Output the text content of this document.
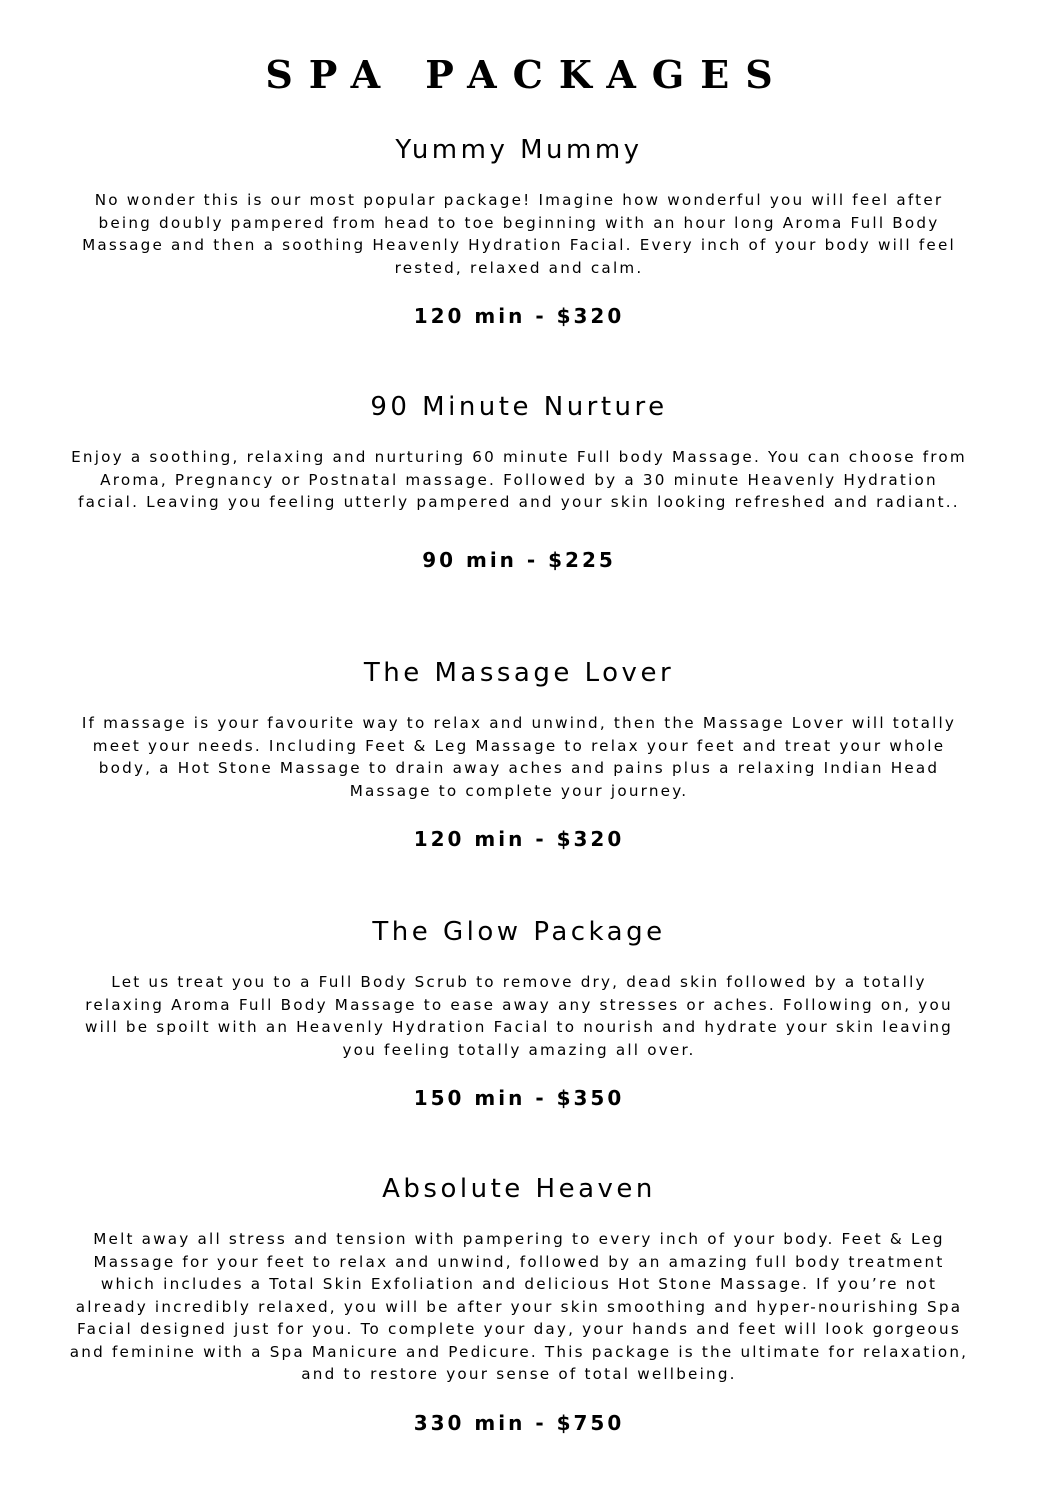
SPA PACKAGES
Yummy Mummy

No wonder this is our most popular package! Imagine how wonderful you will feel after being doubly pampered from head to toe beginning with an hour long Aroma Full Body Massage and then a soothing Heavenly Hydration Facial. Every inch of your body will feel rested, relaxed and calm.

120 min - $320
90 Minute Nurture

Enjoy a soothing, relaxing and nurturing 60 minute Full body Massage. You can choose from Aroma, Pregnancy or Postnatal massage. Followed by a 30 minute Heavenly Hydration facial. Leaving you feeling utterly pampered and your skin looking refreshed and radiant..

90 min - $225
The Massage Lover

If massage is your favourite way to relax and unwind, then the Massage Lover will totally meet your needs. Including Feet & Leg Massage to relax your feet and treat your whole body, a Hot Stone Massage to drain away aches and pains plus a relaxing Indian Head Massage to complete your journey.

120 min - $320
The Glow Package

Let us treat you to a Full Body Scrub to remove dry, dead skin followed by a totally relaxing Aroma Full Body Massage to ease away any stresses or aches. Following on, you will be spoilt with an Heavenly Hydration Facial to nourish and hydrate your skin leaving you feeling totally amazing all over.

150 min - $350
Absolute Heaven

Melt away all stress and tension with pampering to every inch of your body. Feet & Leg Massage for your feet to relax and unwind, followed by an amazing full body treatment which includes a Total Skin Exfoliation and delicious Hot Stone Massage. If you’re not already incredibly relaxed, you will be after your skin smoothing and hyper-nourishing Spa Facial designed just for you. To complete your day, your hands and feet will look gorgeous and feminine with a Spa Manicure and Pedicure. This package is the ultimate for relaxation, and to restore your sense of total wellbeing.

330 min - $750
